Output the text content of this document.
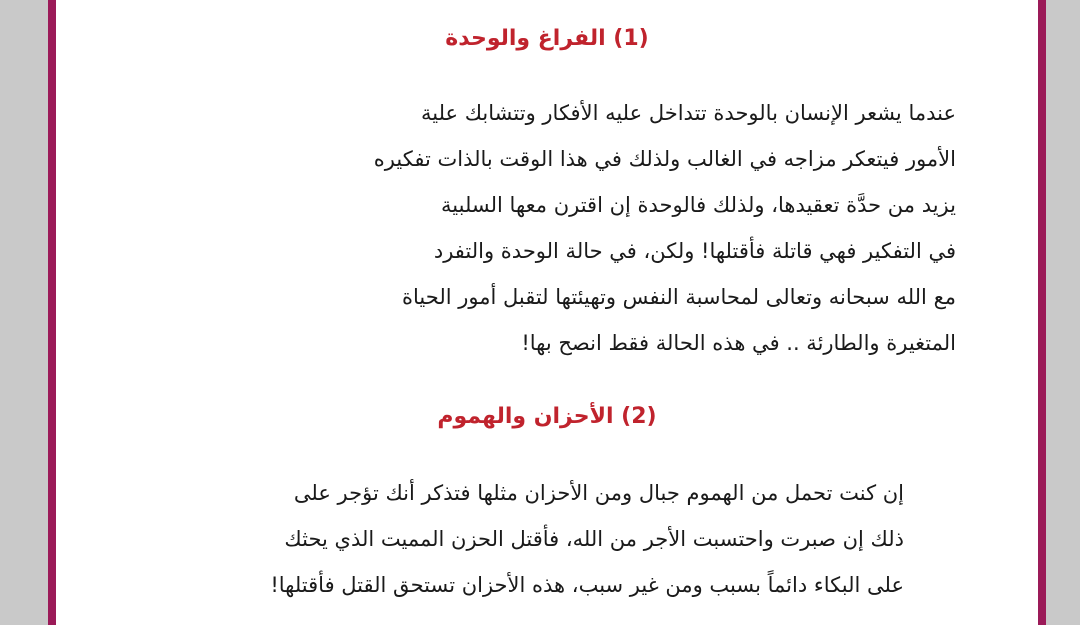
(1) الفراغ والوحدة
عندما يشعر الإنسان بالوحدة تتداخل عليه الأفكار وتتشابك علية
الأمور فيتعكر مزاجه في الغالب ولذلك في هذا الوقت بالذات تفكيره
يزيد من حدَّة تعقيدها، ولذلك فالوحدة إن اقترن معها السلبية
في التفكير فهي قاتلة فأقتلها! ولكن، في حالة الوحدة والتفرد
مع الله سبحانه وتعالى لمحاسبة النفس وتهيئتها لتقبل أمور الحياة
المتغيرة والطارئة .. في هذه الحالة فقط انصح بها!
(2) الأحزان والهموم
إن كنت تحمل من الهموم جبال ومن الأحزان مثلها فتذكر أنك تؤجر على
ذلك إن صبرت واحتسبت الأجر من الله، فأقتل الحزن المميت الذي يحثك
على البكاء دائماً بسبب ومن غير سبب، هذه الأحزان تستحق القتل فأقتلها!
